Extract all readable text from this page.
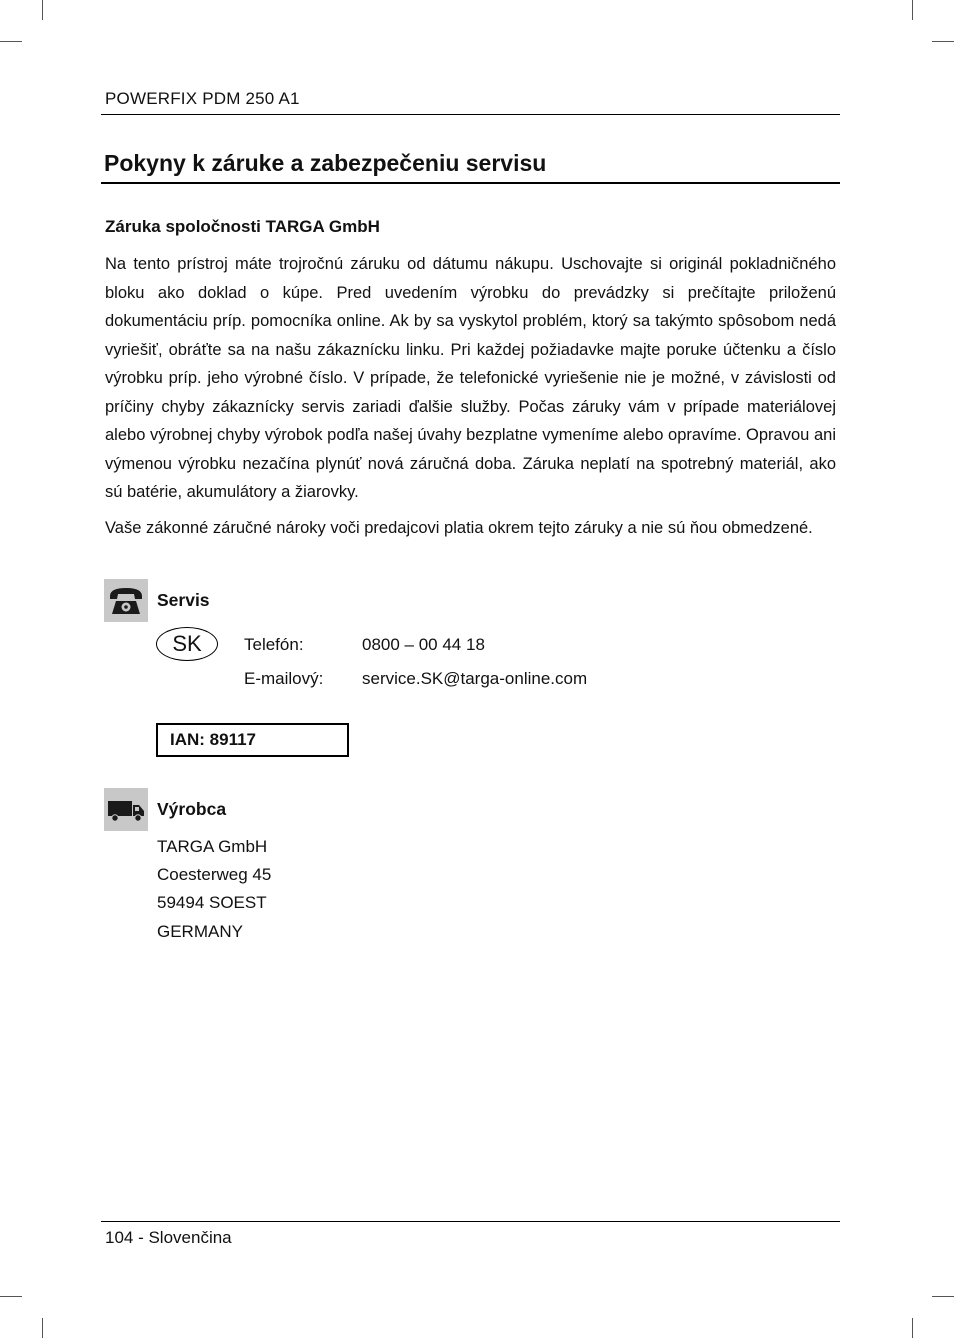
POWERFIX PDM 250 A1
Pokyny k záruke a zabezpečeniu servisu
Záruka spoločnosti TARGA GmbH

Na tento prístroj máte trojročnú záruku od dátumu nákupu. Uschovajte si originál pokladničného bloku ako doklad o kúpe. Pred uvedením výrobku do prevádzky si prečítajte priloženú dokumentáciu príp. pomocníka online. Ak by sa vyskytol problém, ktorý sa takýmto spôsobom nedá vyriešiť, obráťte sa na našu zákaznícku linku. Pri každej požiadavke majte poruke účtenku a číslo výrobku príp. jeho výrobné číslo. V prípade, že telefonické vyriešenie nie je možné, v závislosti od príčiny chyby zákaznícky servis zariadi ďalšie služby. Počas záruky vám v prípade materiálovej alebo výrobnej chyby výrobok podľa našej úvahy bezplatne vymeníme alebo opravíme. Opravou ani výmenou výrobku nezačína plynúť nová záručná doba. Záruka neplatí na spotrebný materiál, ako sú batérie, akumulátory a žiarovky.

Vaše zákonné záručné nároky voči predajcovi platia okrem tejto záruky a nie sú ňou obmedzené.

Servis
SK	Telefón:	0800 – 00 44 18
E-mailový: service.SK@targa-online.com
IAN: 89117
Výrobca
TARGA GmbH
Coesterweg 45
59494 SOEST
GERMANY
104 - Slovenčina
